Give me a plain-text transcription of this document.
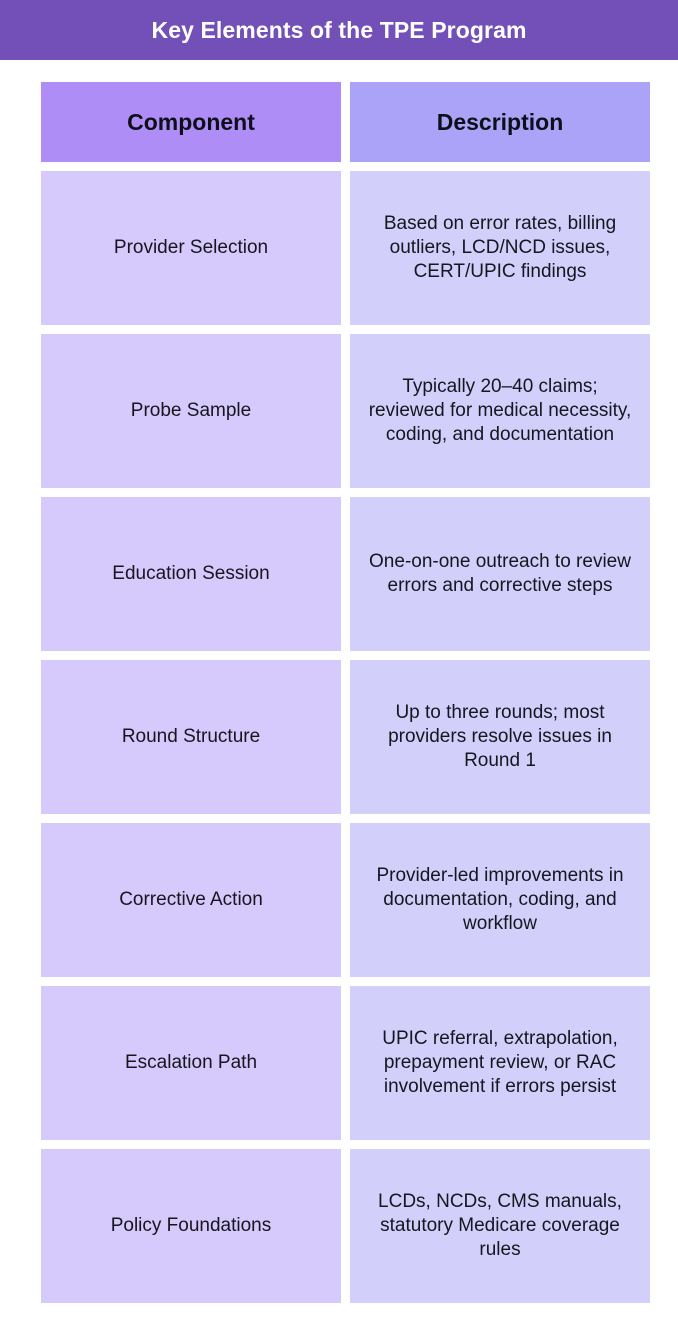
Key Elements of the TPE Program
Component	Description
Provider Selection
Based on error rates, billing outliers, LCD/NCD issues, CERT/UPIC findings
Probe Sample
Typically 20–40 claims; reviewed for medical necessity, coding, and documentation
Education Session
One-on-one outreach to review errors and corrective steps
Round Structure
Up to three rounds; most providers resolve issues in Round 1
Corrective Action
Provider-led improvements in documentation, coding, and workflow
Escalation Path
UPIC referral, extrapolation, prepayment review, or RAC involvement if errors persist
Policy Foundations
LCDs, NCDs, CMS manuals, statutory Medicare coverage rules
